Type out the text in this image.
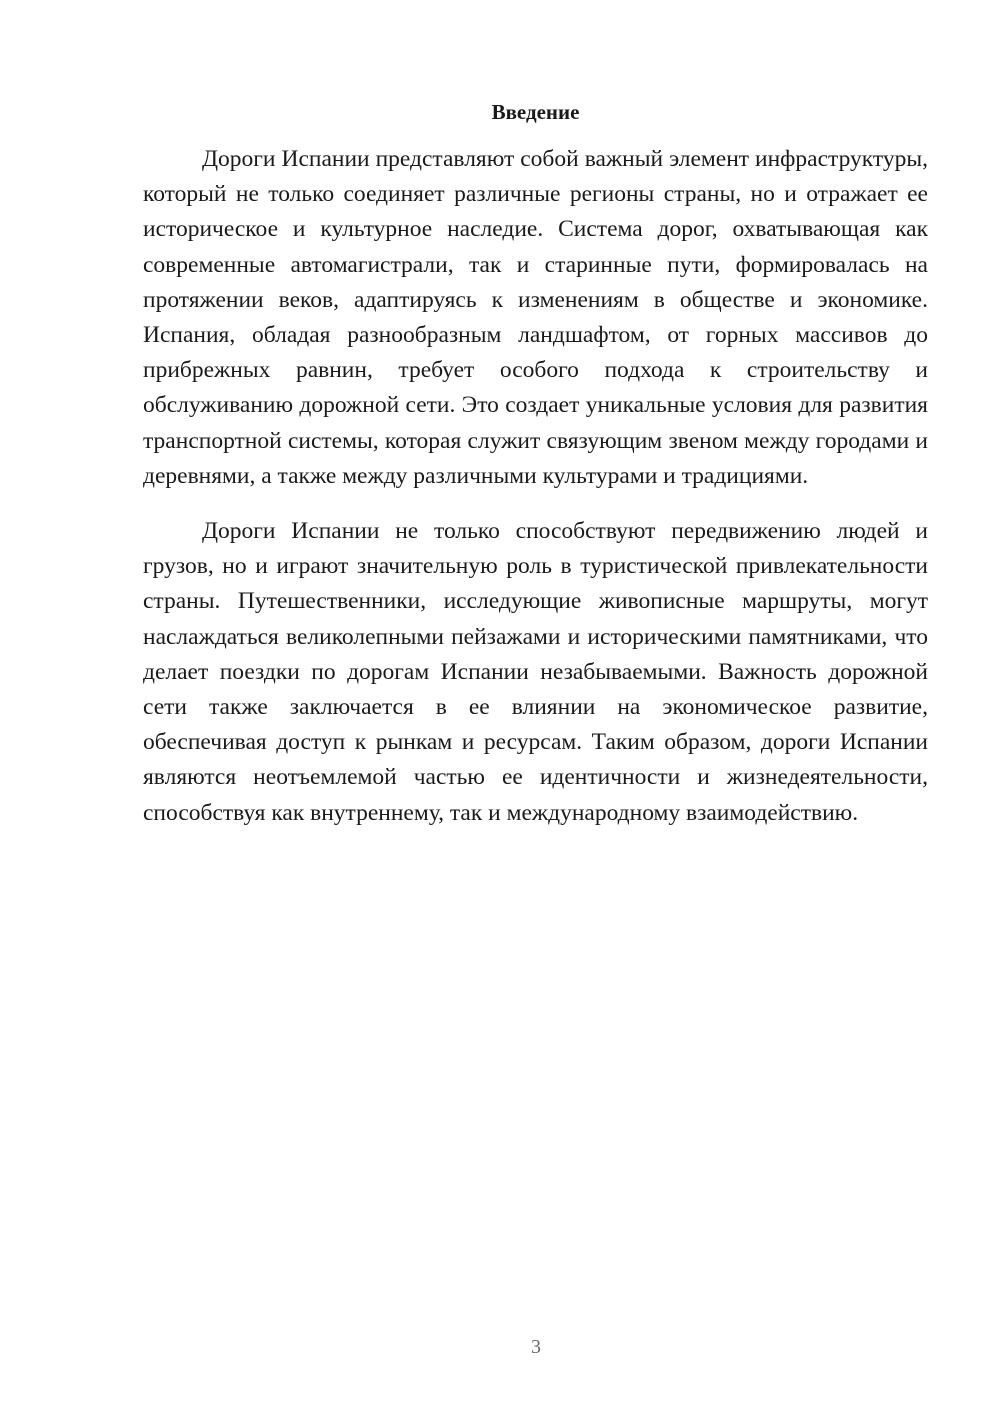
Введение

Дороги Испании представляют собой важный элемент инфраструктуры, который не только соединяет различные регионы страны, но и отражает ее историческое и культурное наследие. Система дорог, охватывающая как современные автомагистрали, так и старинные пути, формировалась на протяжении веков, адаптируясь к изменениям в обществе и экономике. Испания, обладая разнообразным ландшафтом, от горных массивов до прибрежных равнин, требует особого подхода к строительству и обслуживанию дорожной сети. Это создает уникальные условия для развития транспортной системы, которая служит связующим звеном между городами и деревнями, а также между различными культурами и традициями.

Дороги Испании не только способствуют передвижению людей и грузов, но и играют значительную роль в туристической привлекательности страны. Путешественники, исследующие живописные маршруты, могут наслаждаться великолепными пейзажами и историческими памятниками, что делает поездки по дорогам Испании незабываемыми. Важность дорожной сети также заключается в ее влиянии на экономическое развитие, обеспечивая доступ к рынкам и ресурсам. Таким образом, дороги Испании являются неотъемлемой частью ее идентичности и жизнедеятельности, способствуя как внутреннему, так и международному взаимодействию.

3
